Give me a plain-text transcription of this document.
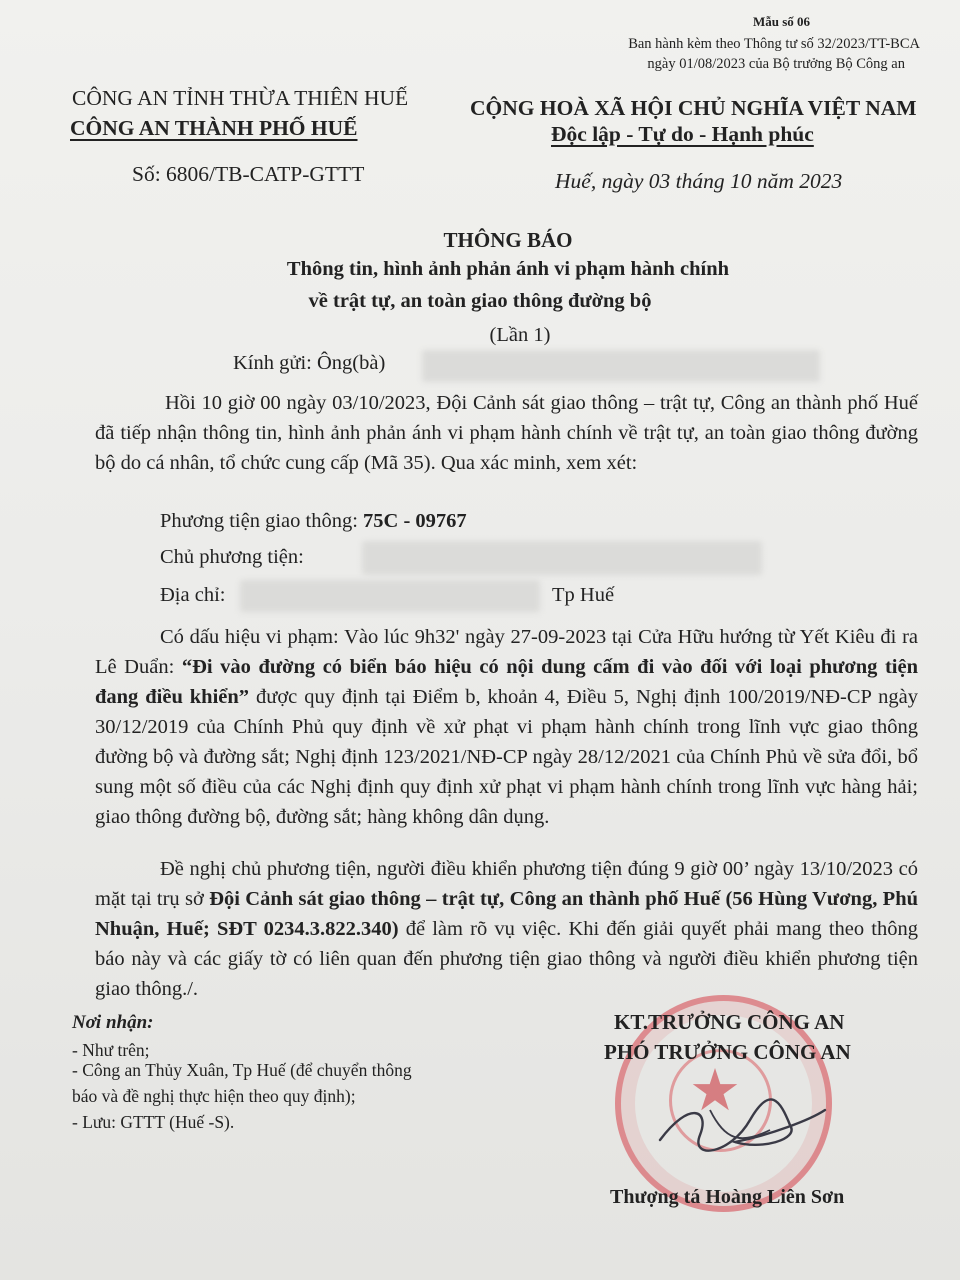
Mẫu số 06
Ban hành kèm theo Thông tư số 32/2023/TT-BCA
ngày 01/08/2023 của Bộ trưởng Bộ Công an
CÔNG AN TỈNH THỪA THIÊN HUẾ
CÔNG AN THÀNH PHỐ HUẾ
Số: 6806/TB-CATP-GTTT
CỘNG HOÀ XÃ HỘI CHỦ NGHĨA VIỆT NAM
Độc lập - Tự do - Hạnh phúc
Huế, ngày 03 tháng 10 năm 2023
THÔNG BÁO
Thông tin, hình ảnh phản ánh vi phạm hành chính
về trật tự, an toàn giao thông đường bộ
(Lần 1)
Kính gửi: Ông(bà)
Hồi 10 giờ 00 ngày 03/10/2023, Đội Cảnh sát giao thông – trật tự, Công an thành phố Huế đã tiếp nhận thông tin, hình ảnh phản ánh vi phạm hành chính về trật tự, an toàn giao thông đường bộ do cá nhân, tổ chức cung cấp (Mã 35). Qua xác minh, xem xét:
Phương tiện giao thông: 75C - 09767
Chủ phương tiện:
Địa chỉ:	Tp Huế
Có dấu hiệu vi phạm: Vào lúc 9h32' ngày 27-09-2023 tại Cửa Hữu hướng từ Yết Kiêu đi ra Lê Duẩn: “Đi vào đường có biển báo hiệu có nội dung cấm đi vào đối với loại phương tiện đang điều khiển” được quy định tại Điểm b, khoản 4, Điều 5, Nghị định 100/2019/NĐ-CP ngày 30/12/2019 của Chính Phủ quy định về xử phạt vi phạm hành chính trong lĩnh vực giao thông đường bộ và đường sắt; Nghị định 123/2021/NĐ-CP ngày 28/12/2021 của Chính Phủ về sửa đổi, bổ sung một số điều của các Nghị định quy định xử phạt vi phạm hành chính trong lĩnh vực hàng hải; giao thông đường bộ, đường sắt; hàng không dân dụng.
Đề nghị chủ phương tiện, người điều khiển phương tiện đúng 9 giờ 00’ ngày 13/10/2023 có mặt tại trụ sở Đội Cảnh sát giao thông – trật tự, Công an thành phố Huế (56 Hùng Vương, Phú Nhuận, Huế; SĐT 0234.3.822.340) để làm rõ vụ việc. Khi đến giải quyết phải mang theo thông báo này và các giấy tờ có liên quan đến phương tiện giao thông và người điều khiển phương tiện giao thông./.
Nơi nhận:
- Như trên;
- Công an Thủy Xuân, Tp Huế (để chuyển thông
báo và đề nghị thực hiện theo quy định);
- Lưu: GTTT (Huế -S).	★
KT.TRƯỞNG CÔNG AN
PHÓ TRƯỞNG CÔNG AN
Thượng tá Hoàng Liên Sơn
